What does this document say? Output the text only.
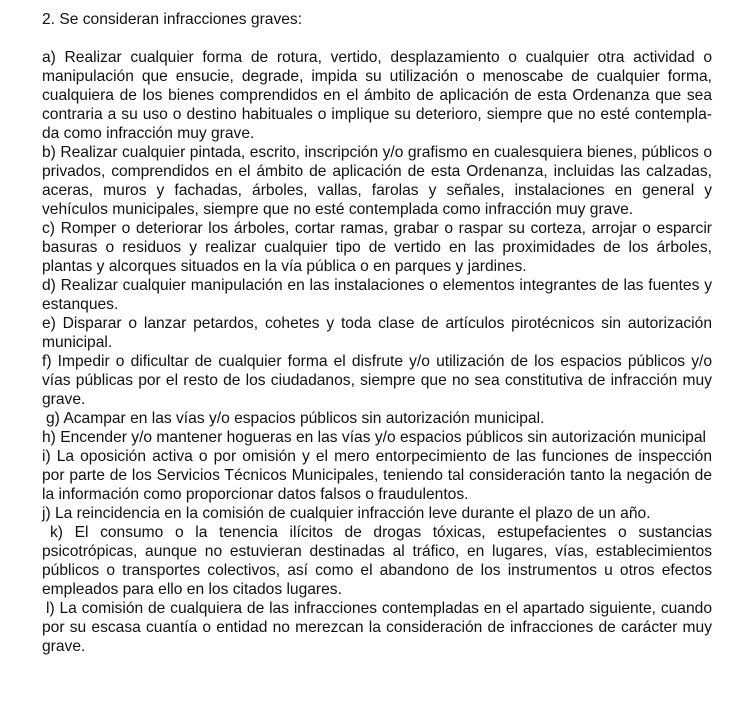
2. Se consideran infracciones graves:

a) Realizar cualquier forma de rotura, vertido, desplazamiento o cualquier otra actividad o manipulación que ensucie, degrade, impida su utilización o menoscabe de cualquier forma, cualquiera de los bienes comprendidos en el ámbito de aplicación de esta Ordenanza que sea contraria a su uso o destino habituales o implique su deterioro, siempre que no esté contempla- da como infracción muy grave.

b) Realizar cualquier pintada, escrito, inscripción y/o grafismo en cualesquiera bienes, públicos o privados, comprendidos en el ámbito de aplicación de esta Ordenanza, incluidas las calzadas, aceras, muros y fachadas, árboles, vallas, farolas y señales, instalaciones en general y vehículos municipales, siempre que no esté contemplada como infracción muy grave.

c) Romper o deteriorar los árboles, cortar ramas, grabar o raspar su corteza, arrojar o esparcir basuras o residuos y realizar cualquier tipo de vertido en las proximidades de los árboles, plantas y alcorques situados en la vía pública o en parques y jardines.

d) Realizar cualquier manipulación en las instalaciones o elementos integrantes de las fuentes y estanques.

e) Disparar o lanzar petardos, cohetes y toda clase de artículos pirotécnicos sin autorización municipal.

f) Impedir o dificultar de cualquier forma el disfrute y/o utilización de los espacios públicos y/o vías públicas por el resto de los ciudadanos, siempre que no sea constitutiva de infracción muy grave.

g) Acampar en las vías y/o espacios públicos sin autorización municipal.

h) Encender y/o mantener hogueras en las vías y/o espacios públicos sin autorización municipal

i) La oposición activa o por omisión y el mero entorpecimiento de las funciones de inspección por parte de los Servicios Técnicos Municipales, teniendo tal consideración tanto la negación de la información como proporcionar datos falsos o fraudulentos.

j) La reincidencia en la comisión de cualquier infracción leve durante el plazo de un año.

k) El consumo o la tenencia ilícitos de drogas tóxicas, estupefacientes o sustancias psicotrópicas, aunque no estuvieran destinadas al tráfico, en lugares, vías, establecimientos públicos o transportes colectivos, así como el abandono de los instrumentos u otros efectos empleados para ello en los citados lugares.

l) La comisión de cualquiera de las infracciones contempladas en el apartado siguiente, cuando por su escasa cuantía o entidad no merezcan la consideración de infracciones de carácter muy grave.
